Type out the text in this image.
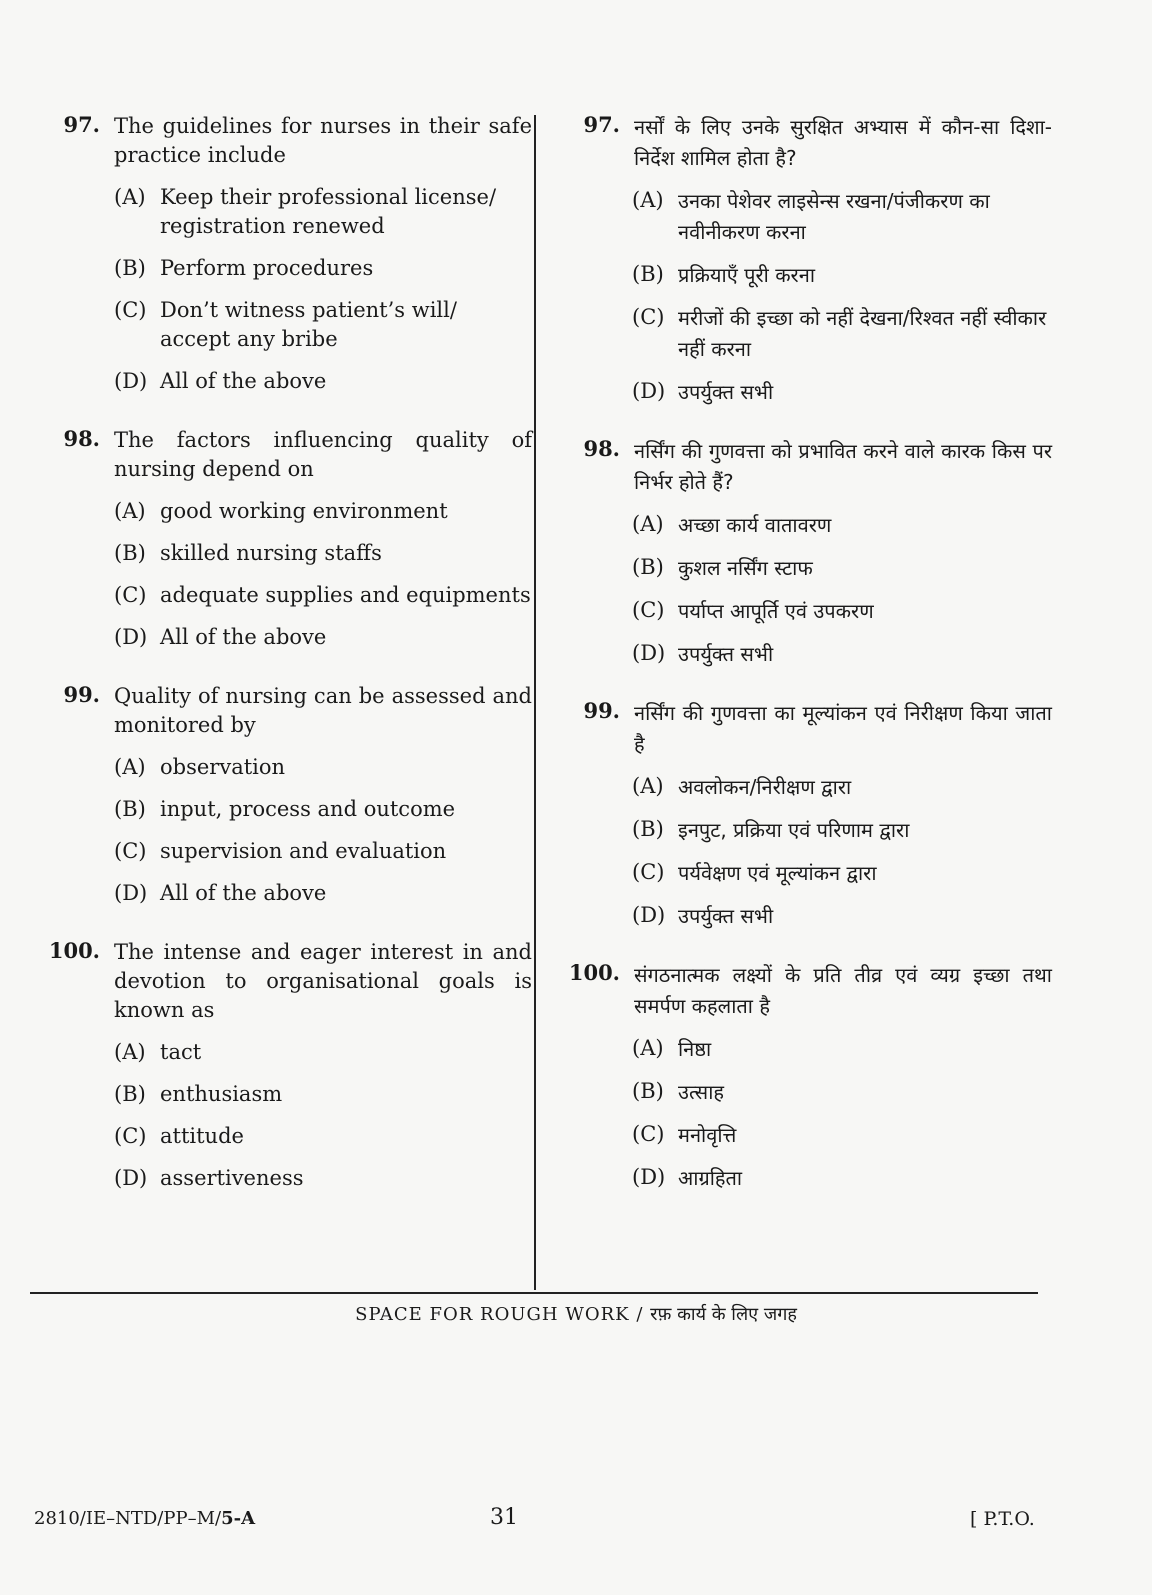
97. The guidelines for nurses in their safe practice include
(A) Keep their professional license/ registration renewed
(B) Perform procedures
(C) Don’t witness patient’s will/ accept any bribe
(D) All of the above
98. The factors influencing quality of nursing depend on
(A) good working environment
(B) skilled nursing staffs
(C) adequate supplies and equipments
(D) All of the above
99. Quality of nursing can be assessed and monitored by
(A) observation
(B) input, process and outcome
(C) supervision and evaluation
(D) All of the above
100. The intense and eager interest in and devotion to organisational goals is known as
(A) tact
(B) enthusiasm
(C) attitude
(D) assertiveness
97. नर्सों के लिए उनके सुरक्षित अभ्यास में कौन-सा दिशा-निर्देश शामिल होता है?
(A) उनका पेशेवर लाइसेन्स रखना/पंजीकरण का नवीनीकरण करना
(B) प्रक्रियाएँ पूरी करना
(C) मरीजों की इच्छा को नहीं देखना/रिश्वत नहीं स्वीकार नहीं करना
(D) उपर्युक्त सभी
98. नर्सिंग की गुणवत्ता को प्रभावित करने वाले कारक किस पर निर्भर होते हैं?
(A) अच्छा कार्य वातावरण
(B) कुशल नर्सिंग स्टाफ
(C) पर्याप्त आपूर्ति एवं उपकरण
(D) उपर्युक्त सभी
99. नर्सिंग की गुणवत्ता का मूल्यांकन एवं निरीक्षण किया जाता है
(A) अवलोकन/निरीक्षण द्वारा
(B) इनपुट, प्रक्रिया एवं परिणाम द्वारा
(C) पर्यवेक्षण एवं मूल्यांकन द्वारा
(D) उपर्युक्त सभी
100. संगठनात्मक लक्ष्यों के प्रति तीव्र एवं व्यग्र इच्छा तथा समर्पण कहलाता है
(A) निष्ठा
(B) उत्साह
(C) मनोवृत्ति
(D) आग्रहिता
SPACE FOR ROUGH WORK / रफ़ कार्य के लिए जगह
2810/IE–NTD/PP–M/5-A	31	[ P.T.O.
